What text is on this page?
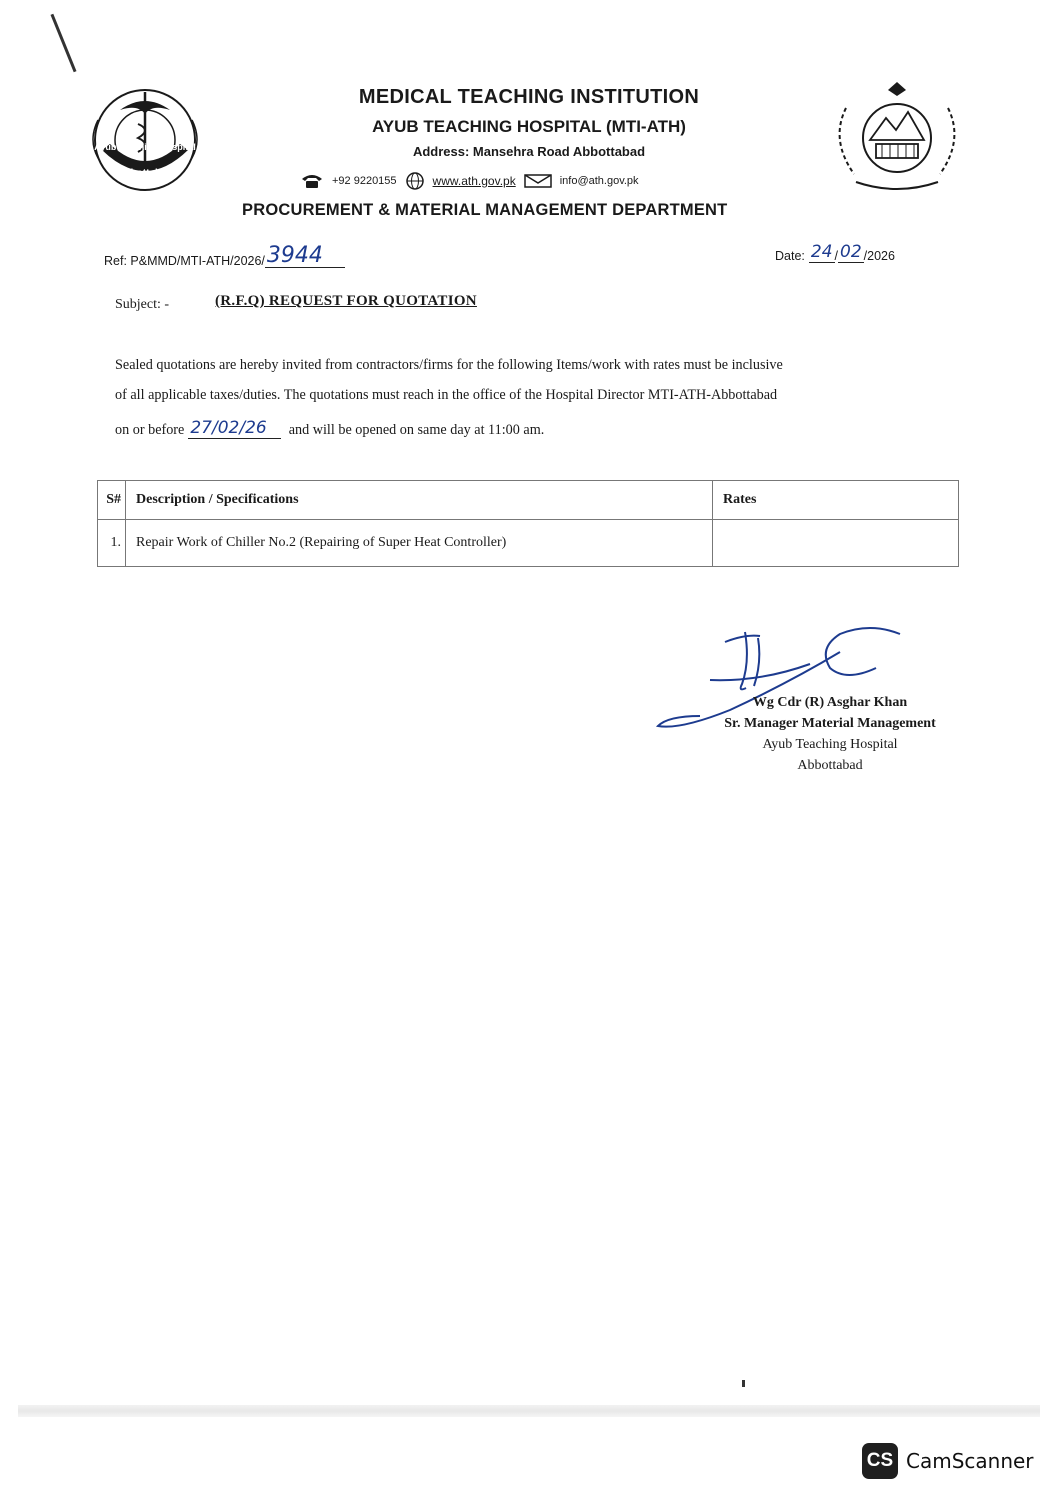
Ayub Teaching Hospital
Abbottabad
MEDICAL TEACHING INSTITUTION
AYUB TEACHING HOSPITAL (MTI-ATH)
Address: Mansehra Road Abbottabad
+92 9220155	www.ath.gov.pk	info@ath.gov.pk
PROCUREMENT & MATERIAL MANAGEMENT DEPARTMENT
Ref: P&MMD/MTI-ATH/2026/ 3944	Date: 24 / 02 / 2026
Subject: -	(R.F.Q) REQUEST FOR QUOTATION
Sealed quotations are hereby invited from contractors/firms for the following Items/work with rates must be inclusive
of all applicable taxes/duties. The quotations must reach in the office of the Hospital Director MTI-ATH-Abbottabad
on or before 27/02/26	and will be opened on same day at 11:00 am.
S#	Description / Specifications	Rates
1.	Repair Work of Chiller No.2 (Repairing of Super Heat Controller)	
Wg Cdr (R) Asghar Khan
Sr. Manager Material Management
Ayub Teaching Hospital
Abbottabad
CS CamScanner
